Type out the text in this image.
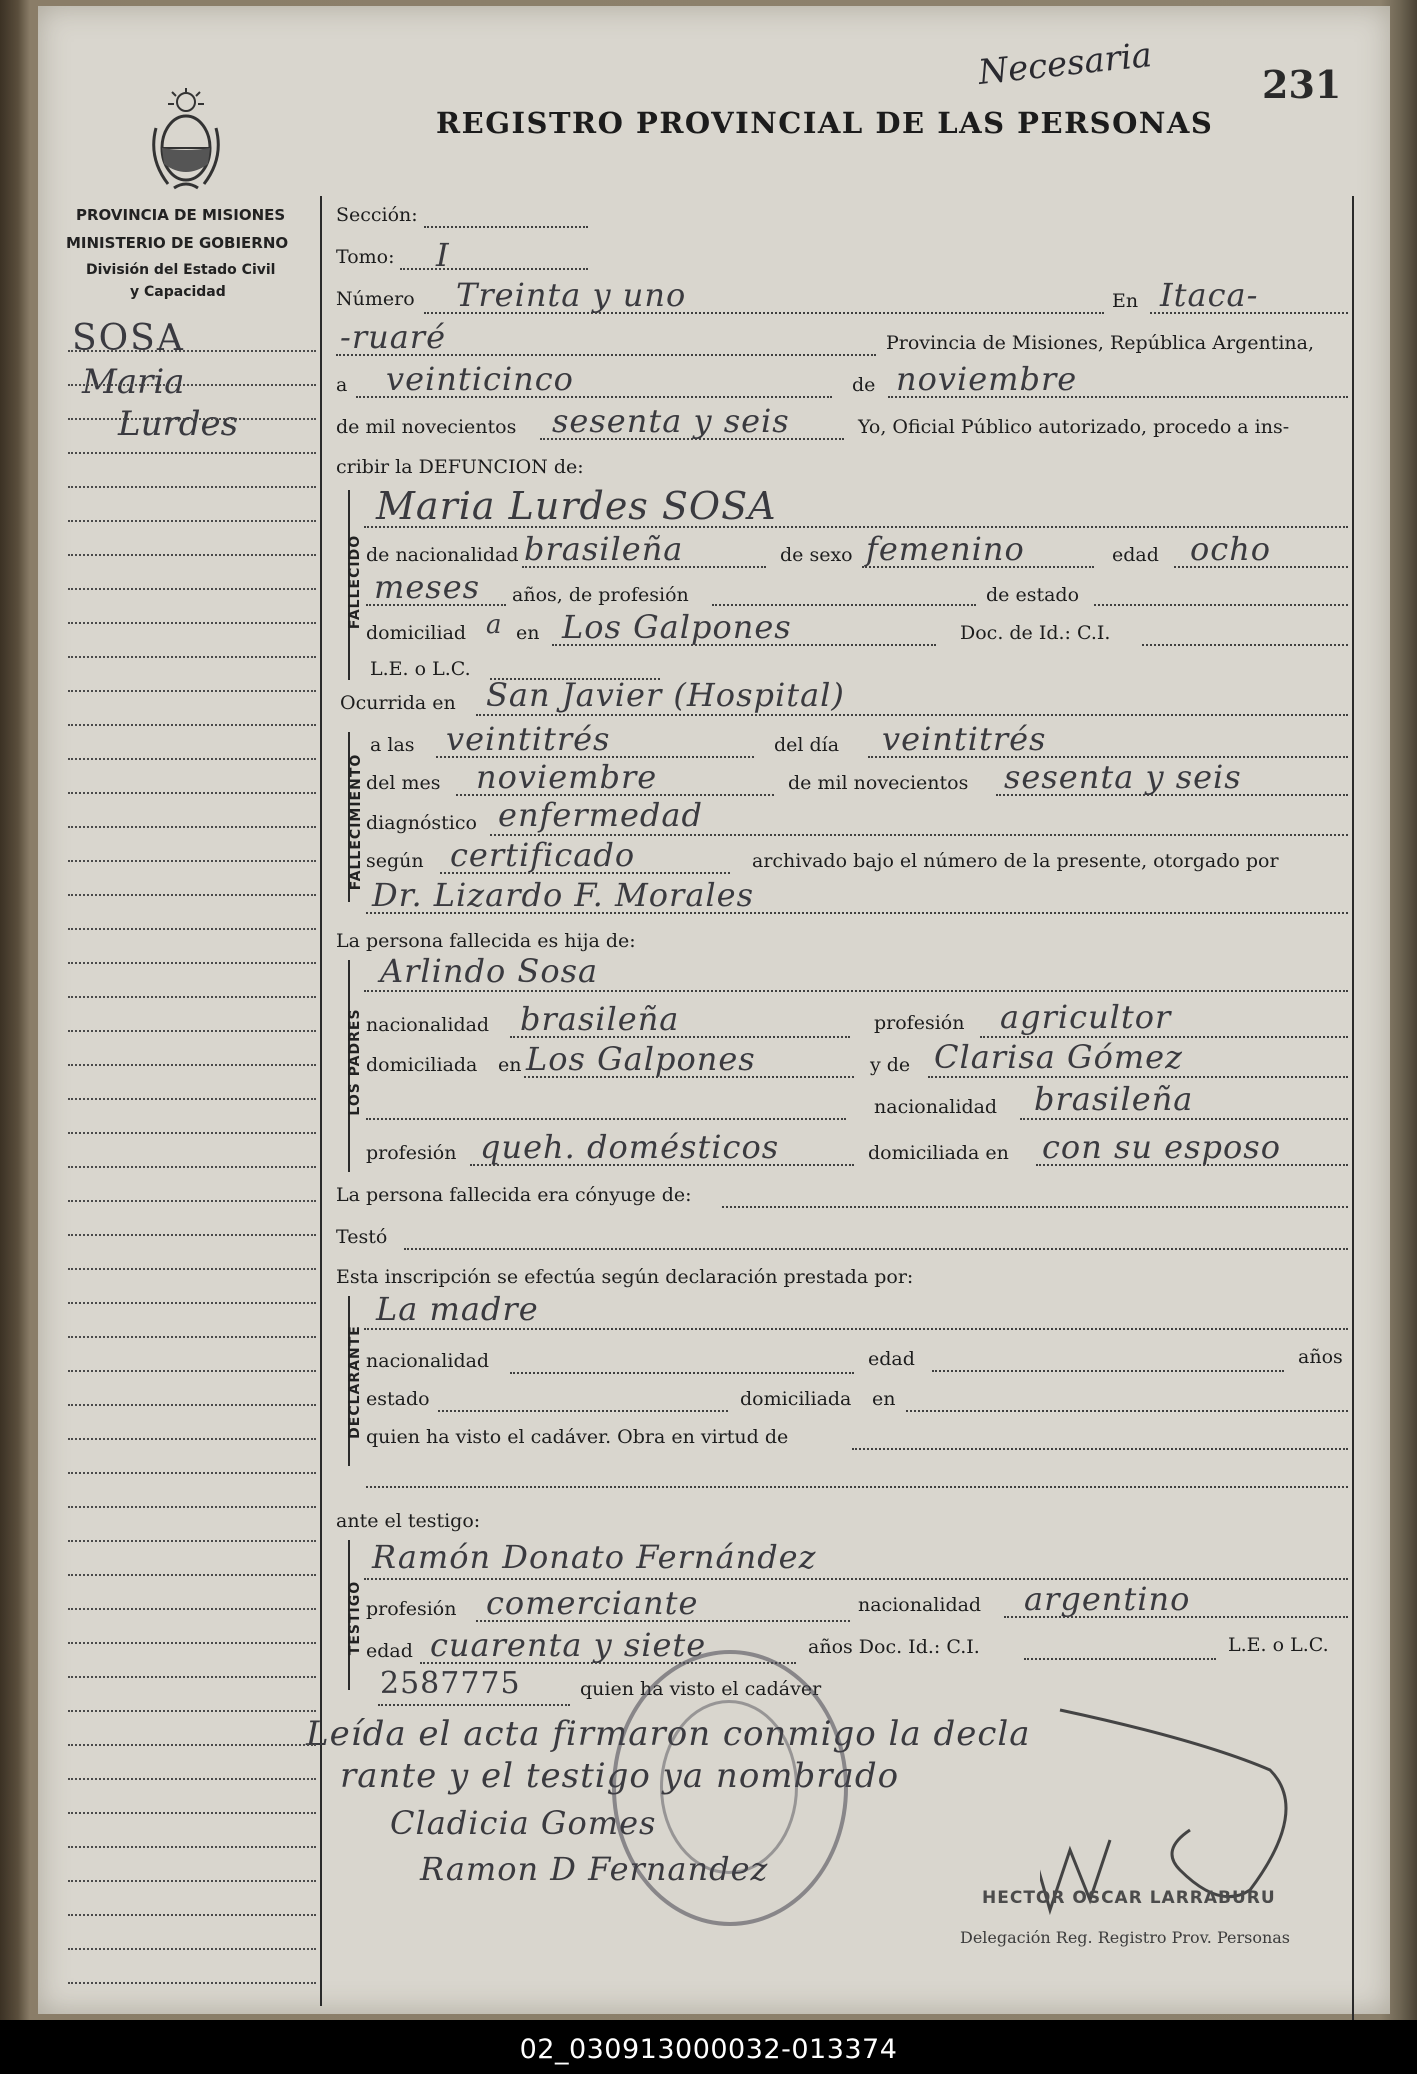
Necesaria	231
REGISTRO PROVINCIAL DE LAS PERSONAS
PROVINCIA DE MISIONES
MINISTERIO DE GOBIERNO
División del Estado Civil
y Capacidad
SOSA
Maria
Lurdes
Sección:
Tomo: I
Número Treinta y uno	En Itaca-
-ruaré	Provincia de Misiones, República Argentina,
a veinticinco	de noviembre
de mil novecientos sesenta y seis	Yo, Oficial Público autorizado, procedo a ins-
cribir la DEFUNCION de:
FALLECIDO
Maria Lurdes SOSA
de nacionalidad brasileña	de sexo femenino	edad ocho
meses años, de profesión	de estado
domiciliad a en Los Galpones	Doc. de Id.: C.I.
L.E. o L.C.
Ocurrida en San Javier (Hospital)
FALLECIMIENTO
a las veintitrés	del día veintitrés
del mes noviembre	de mil novecientos sesenta y seis
diagnóstico enfermedad
según certificado	archivado bajo el número de la presente, otorgado por
Dr. Lizardo F. Morales
La persona fallecida es hija de:
LOS PADRES
Arlindo Sosa
nacionalidad brasileña	profesión agricultor
domiciliada en Los Galpones	y de Clarisa Gómez
nacionalidad brasileña
profesión queh. domésticos	domiciliada en con su esposo
La persona fallecida era cónyuge de:
Testó
Esta inscripción se efectúa según declaración prestada por:
DECLARANTE
La madre
nacionalidad	edad	años
estado	domiciliada en
quien ha visto el cadáver. Obra en virtud de
ante el testigo:
TESTIGO
Ramón Donato Fernández
profesión comerciante	nacionalidad argentino
edad cuarenta y siete	años Doc. Id.: C.I.	L.E. o L.C.
2587775	quien ha visto el cadáver
Leída el acta firmaron conmigo la decla
rante y el testigo ya nombrado
Cladicia Gomes
Ramon D Fernandez
HECTOR OSCAR LARRABURU
Delegación Reg. Registro Prov. Personas
02_030913000032-013374
